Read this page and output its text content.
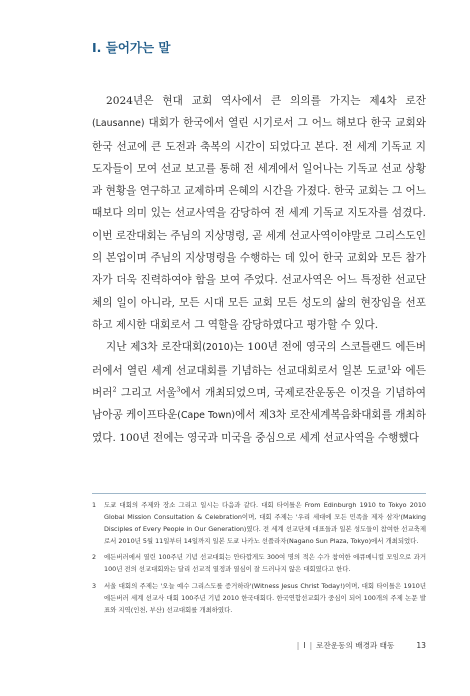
Ⅰ. 들어가는 말

2024년은 현대 교회 역사에서 큰 의의를 가지는 제4차 로잔(Lausanne) 대회가 한국에서 열린 시기로서 그 어느 해보다 한국 교회와 한국 선교에 큰 도전과 축복의 시간이 되었다고 본다. 전 세계 기독교 지도자들이 모여 선교 보고를 통해 전 세계에서 일어나는 기독교 선교 상황과 현황을 연구하고 교제하며 은혜의 시간을 가졌다. 한국 교회는 그 어느 때보다 의미 있는 선교사역을 감당하여 전 세계 기독교 지도자를 섬겼다. 이번 로잔대회는 주님의 지상명령, 곧 세계 선교사역이야말로 그리스도인의 본업이며 주님의 지상명령을 수행하는 데 있어 한국 교회와 모든 참가자가 더욱 진력하여야 함을 보여 주었다. 선교사역은 어느 특정한 선교단체의 일이 아니라, 모든 시대 모든 교회 모든 성도의 삶의 현장임을 선포하고 제시한 대회로서 그 역할을 감당하였다고 평가할 수 있다.

지난 제3차 로잔대회(2010)는 100년 전에 영국의 스코틀랜드 에든버러에서 열린 세계 선교대회를 기념하는 선교대회로서 일본 도쿄$^1$와 에든버러$^2$ 그리고 서울$^3$에서 개최되었으며, 국제로잔운동은 이것을 기념하여 남아공 케이프타운(Cape Town)에서 제3차 로잔세계복음화대회를 개최하였다. 100년 전에는 영국과 미국을 중심으로 세계 선교사역을 수행했다

1 도쿄 대회의 주제와 장소 그리고 일시는 다음과 같다. 대회 타이틀은 From Edinburgh 1910 to Tokyo 2010 Global Mission Consultation & Celebration이며, 대회 주제는 '우리 세대에 모든 민족을 제자 삼자'(Making Disciples of Every People in Our Generation)였다. 전 세계 선교단체 대표들과 일본 성도들이 참여한 선교축제로서 2010년 5월 11일부터 14일까지 일본 도쿄 나카노 선플라자(Nagano Sun Plaza, Tokyo)에서 개최되었다.
2 에든버러에서 열린 100주년 기념 선교대회는 안타깝게도 300여 명의 적은 수가 참여한 에큐메니컬 모임으로 과거 100년 전의 선교대회와는 달리 선교적 열정과 열심이 잘 드러나지 않은 대회였다고 한다.
3 서울 대회의 주제는 '오늘 예수 그리스도를 증거하라'(Witness Jesus Christ Today!)이며, 대회 타이틀은 1910년 에든버러 세계 선교사 대회 100주년 기념 2010 한국대회다. 한국연합선교회가 중심이 되어 100개의 주제 논문 발표와 지역(인천, 부산) 선교대회를 개최하였다.
| Ⅰ | 로잔운동의 배경과 태동	13
